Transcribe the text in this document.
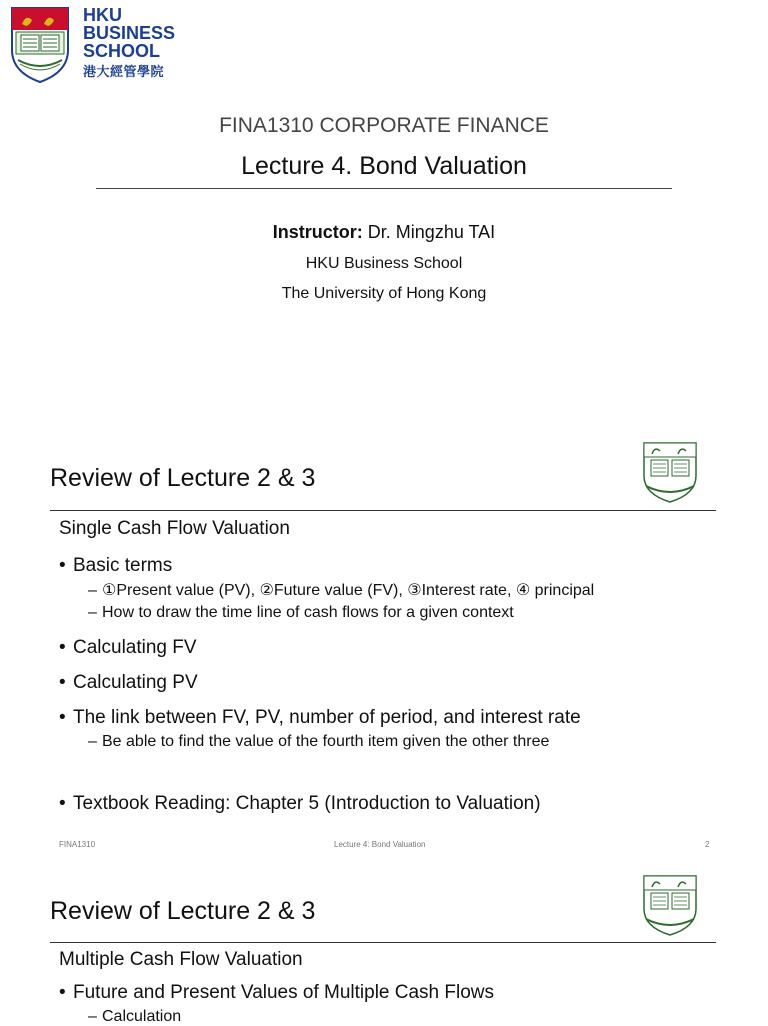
HKU
BUSINESS
SCHOOL
港大經管學院
FINA1310 CORPORATE FINANCE
Lecture 4. Bond Valuation
Instructor: Dr. Mingzhu TAI
HKU Business School
The University of Hong Kong
Review of Lecture 2 & 3
Single Cash Flow Valuation
• Basic terms
– ①Present value (PV), ②Future value (FV), ③Interest rate, ④ principal
– How to draw the time line of cash flows for a given context
• Calculating FV
• Calculating PV
• The link between FV, PV, number of period, and interest rate
– Be able to find the value of the fourth item given the other three
• Textbook Reading: Chapter 5 (Introduction to Valuation)
FINA1310	Lecture 4: Bond Valuation	2
Review of Lecture 2 & 3
Multiple Cash Flow Valuation
• Future and Present Values of Multiple Cash Flows
– Calculation
